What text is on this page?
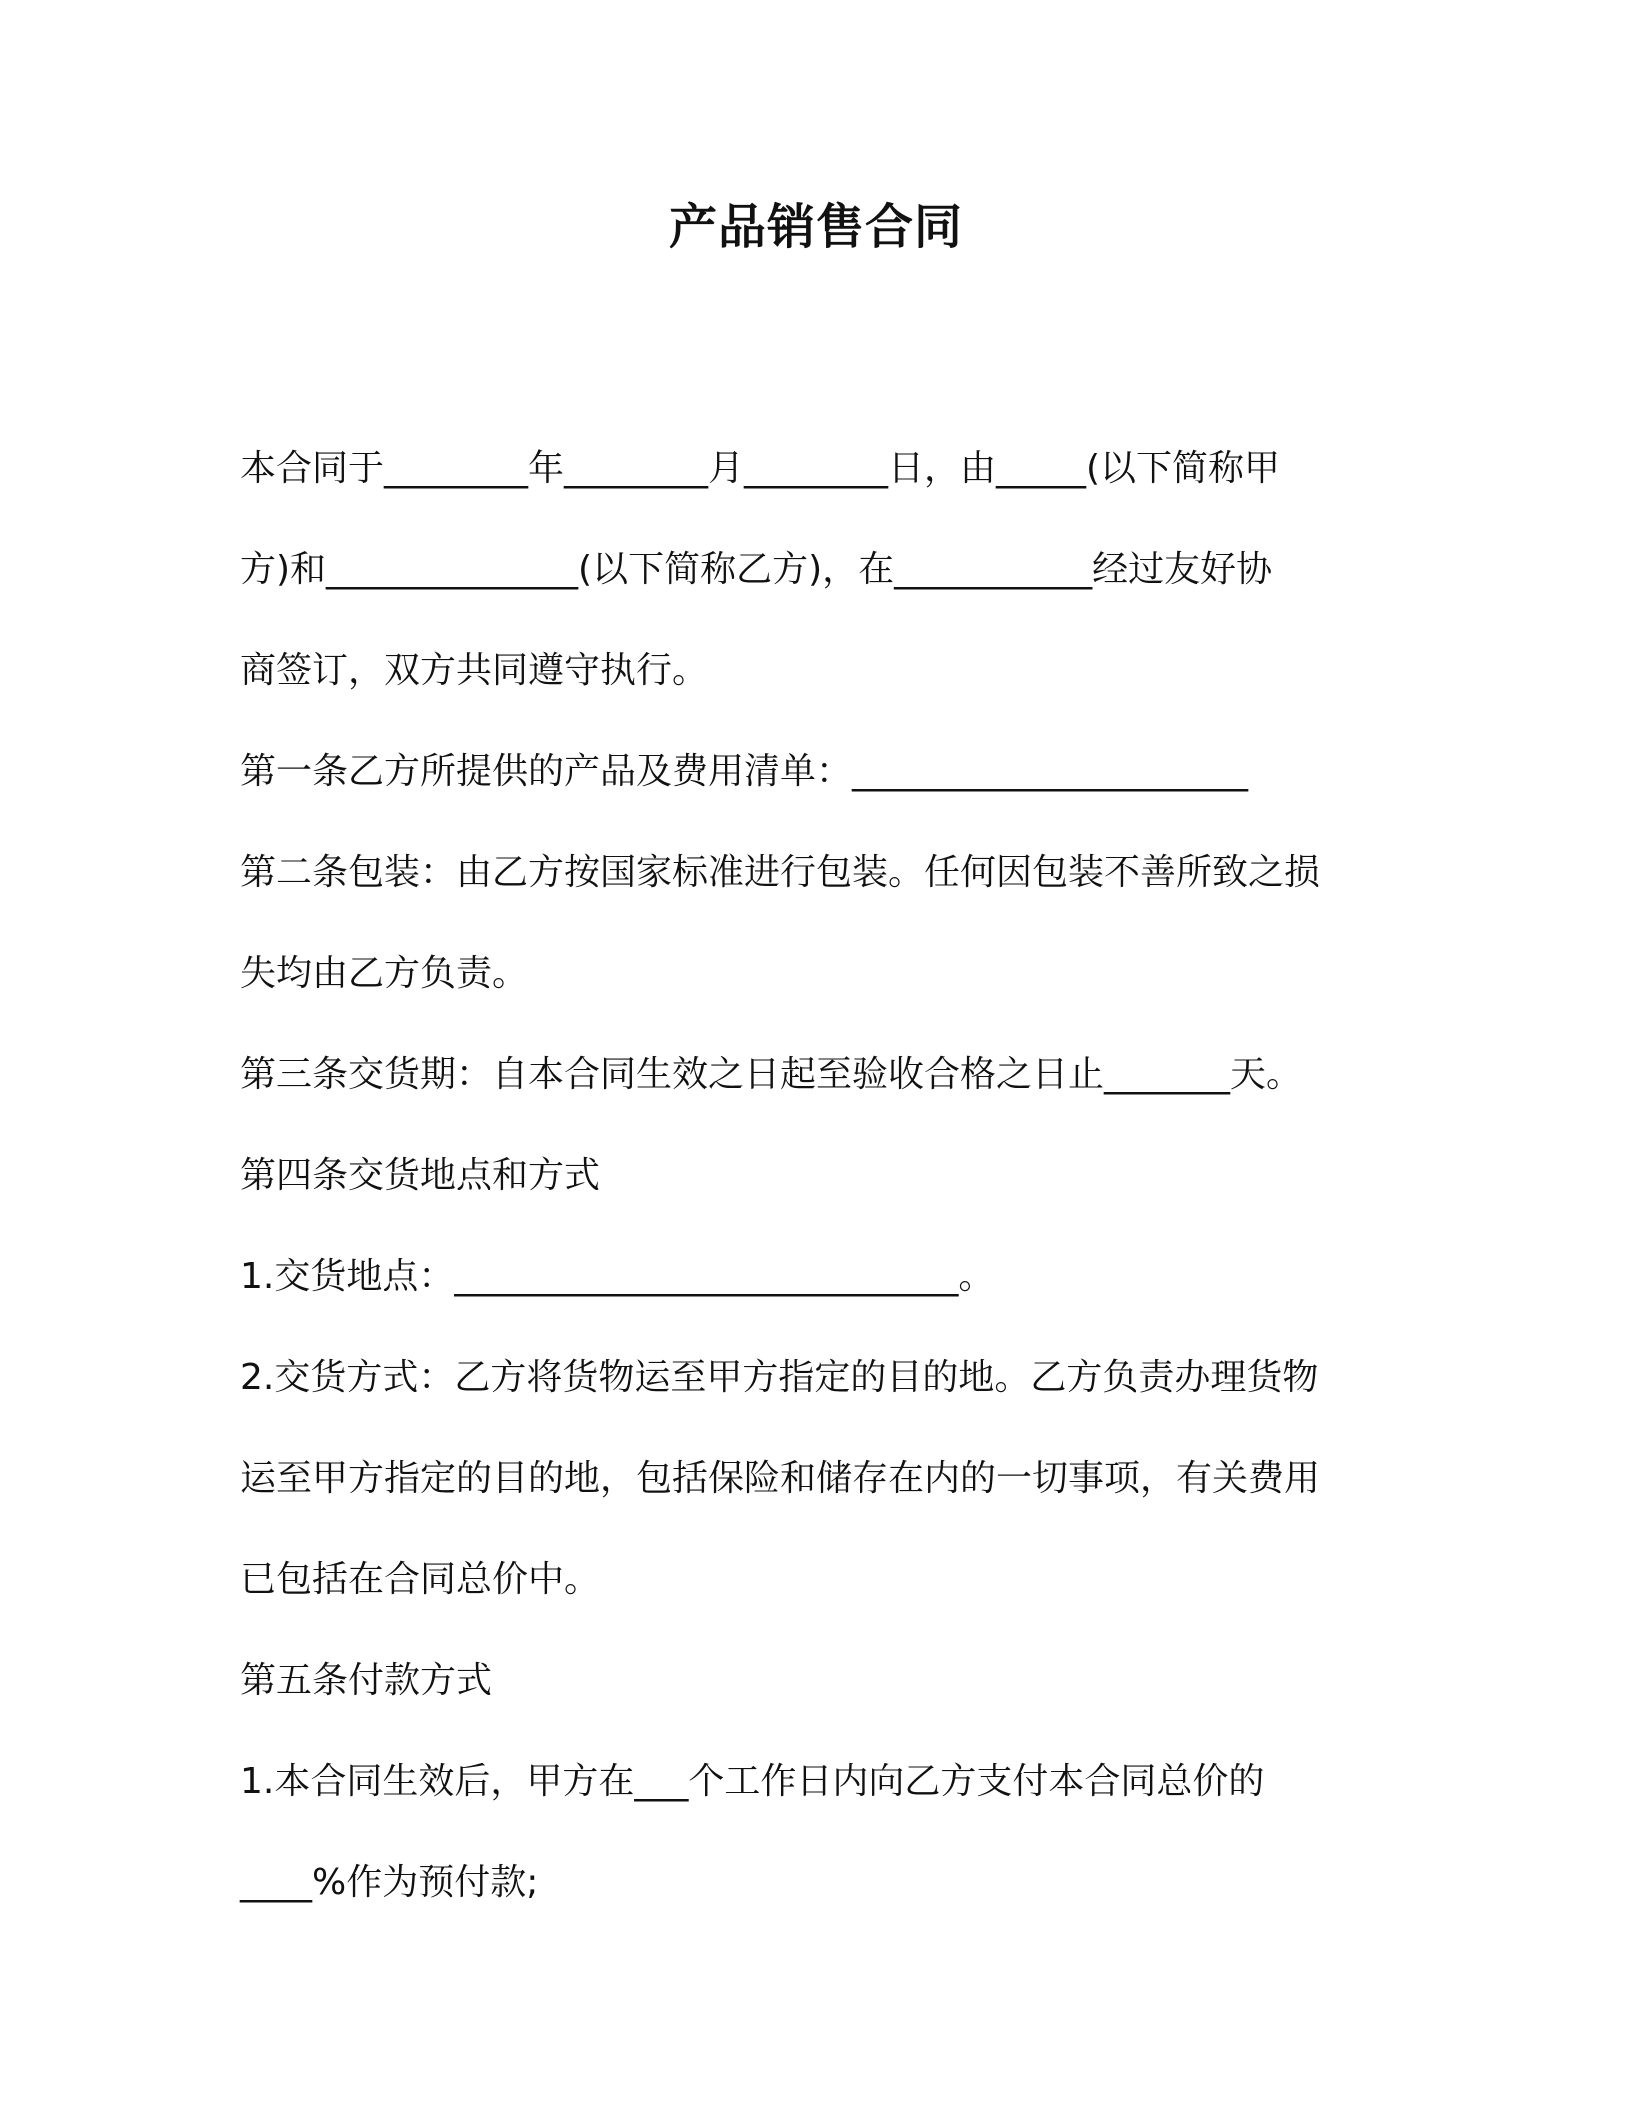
产品销售合同
本合同于________年________月________日，由_____(以下简称甲
方)和______________(以下简称乙方)，在___________经过友好协
商签订，双方共同遵守执行。
第一条乙方所提供的产品及费用清单：______________________
第二条包装：由乙方按国家标准进行包装。任何因包装不善所致之损
失均由乙方负责。
第三条交货期：自本合同生效之日起至验收合格之日止_______天。
第四条交货地点和方式
1.交货地点：____________________________。
2.交货方式：乙方将货物运至甲方指定的目的地。乙方负责办理货物
运至甲方指定的目的地，包括保险和储存在内的一切事项，有关费用
已包括在合同总价中。
第五条付款方式
1.本合同生效后，甲方在___个工作日内向乙方支付本合同总价的
____%作为预付款;
